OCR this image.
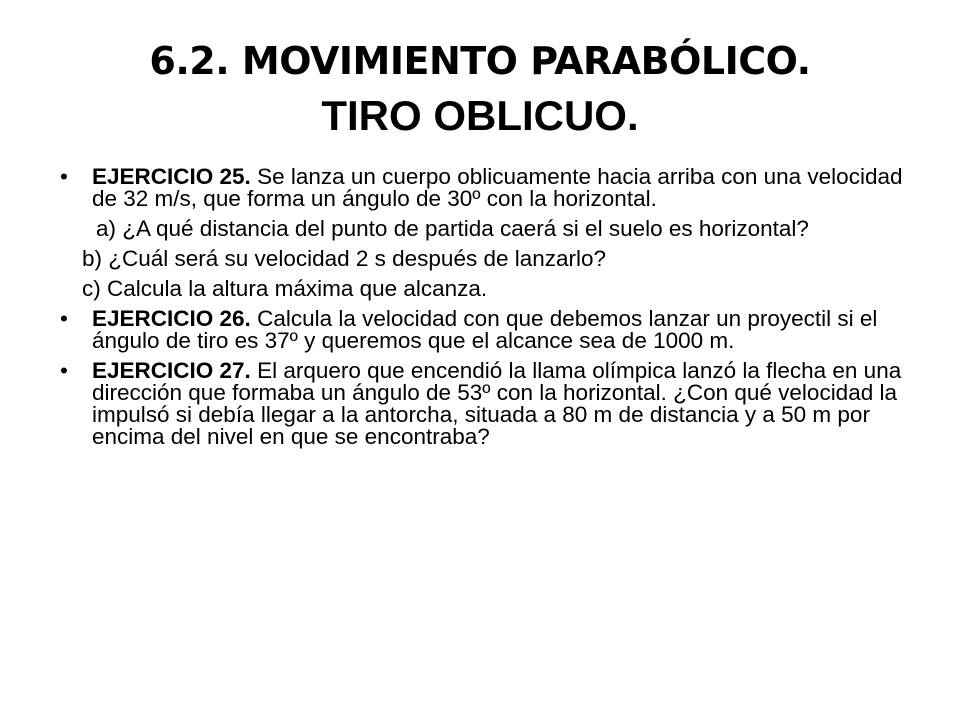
6.2. MOVIMIENTO PARABÓLICO.
TIRO OBLICUO.
• EJERCICIO 25. Se lanza un cuerpo oblicuamente hacia arriba con una velocidad de 32 m/s, que forma un ángulo de 30º con la horizontal.
a) ¿A qué distancia del punto de partida caerá si el suelo es horizontal?
b) ¿Cuál será su velocidad 2 s después de lanzarlo?
c) Calcula la altura máxima que alcanza.
• EJERCICIO 26. Calcula la velocidad con que debemos lanzar un proyectil si el ángulo de tiro es 37º y queremos que el alcance sea de 1000 m.
• EJERCICIO 27. El arquero que encendió la llama olímpica lanzó la flecha en una dirección que formaba un ángulo de 53º con la horizontal. ¿Con qué velocidad la impulsó si debía llegar a la antorcha, situada a 80 m de distancia y a 50 m por encima del nivel en que se encontraba?
